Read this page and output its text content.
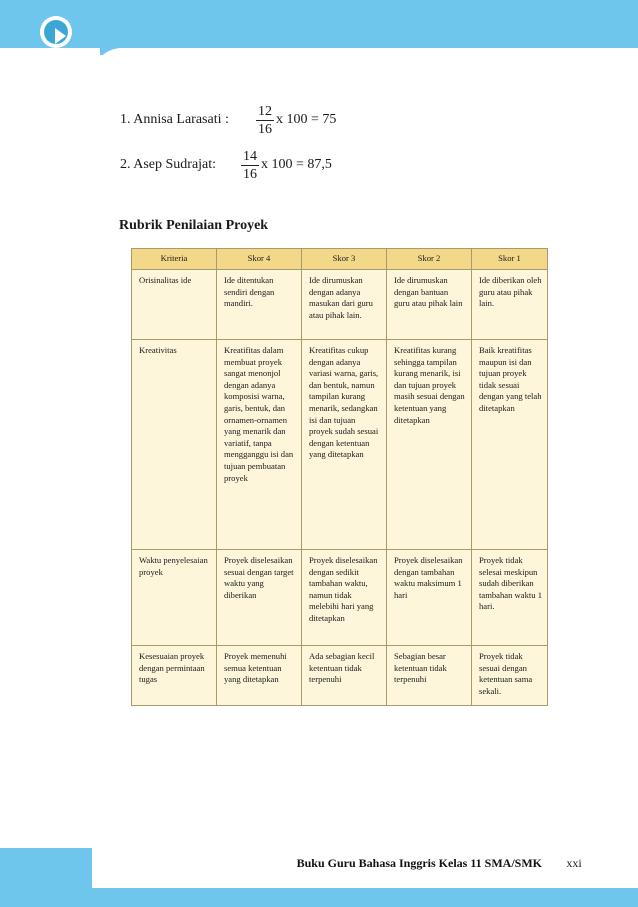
1. Annisa Larasati : $\frac{12}{16}$ x 100 = 75
2. Asep Sudrajat: $\frac{14}{16}$ x 100 = 87,5
Rubrik Penilaian Proyek
Kriteria	Skor 4	Skor 3	Skor 2	Skor 1
Orisinalitas ide	Ide ditentukan sendiri dengan mandiri.	Ide dirumuskan dengan adanya masukan dari guru atau pihak lain.	Ide dirumuskan dengan bantuan guru atau pihak lain	Ide diberikan oleh guru atau pihak lain.
Kreativitas	Kreatifitas dalam membuat proyek sangat menonjol dengan adanya komposisi warna, garis, bentuk, dan ornamen-ornamen yang menarik dan variatif, tanpa mengganggu isi dan tujuan pembuatan proyek	Kreatifitas cukup dengan adanya variasi warna, garis, dan bentuk, namun tampilan kurang menarik, sedangkan isi dan tujuan proyek sudah sesuai dengan ketentuan yang ditetapkan	Kreatifitas kurang sehingga tampilan kurang menarik, isi dan tujuan proyek masih sesuai dengan ketentuan yang ditetapkan	Baik kreatifitas maupun isi dan tujuan proyek tidak sesuai dengan yang telah ditetapkan
Waktu penyelesaian proyek	Proyek diselesaikan sesuai dengan target waktu yang diberikan	Proyek diselesaikan dengan sedikit tambahan waktu, namun tidak melebihi hari yang ditetapkan	Proyek diselesaikan dengan tambahan waktu maksimum 1 hari	Proyek tidak selesai meskipun sudah diberikan tambahan waktu 1 hari.
Kesesuaian proyek dengan permintaan tugas	Proyek memenuhi semua ketentuan yang ditetapkan	Ada sebagian kecil ketentuan tidak terpenuhi	Sebagian besar ketentuan tidak terpenuhi	Proyek tidak sesuai dengan ketentuan sama sekali.
Buku Guru Bahasa Inggris Kelas 11 SMA/SMK	xxi
